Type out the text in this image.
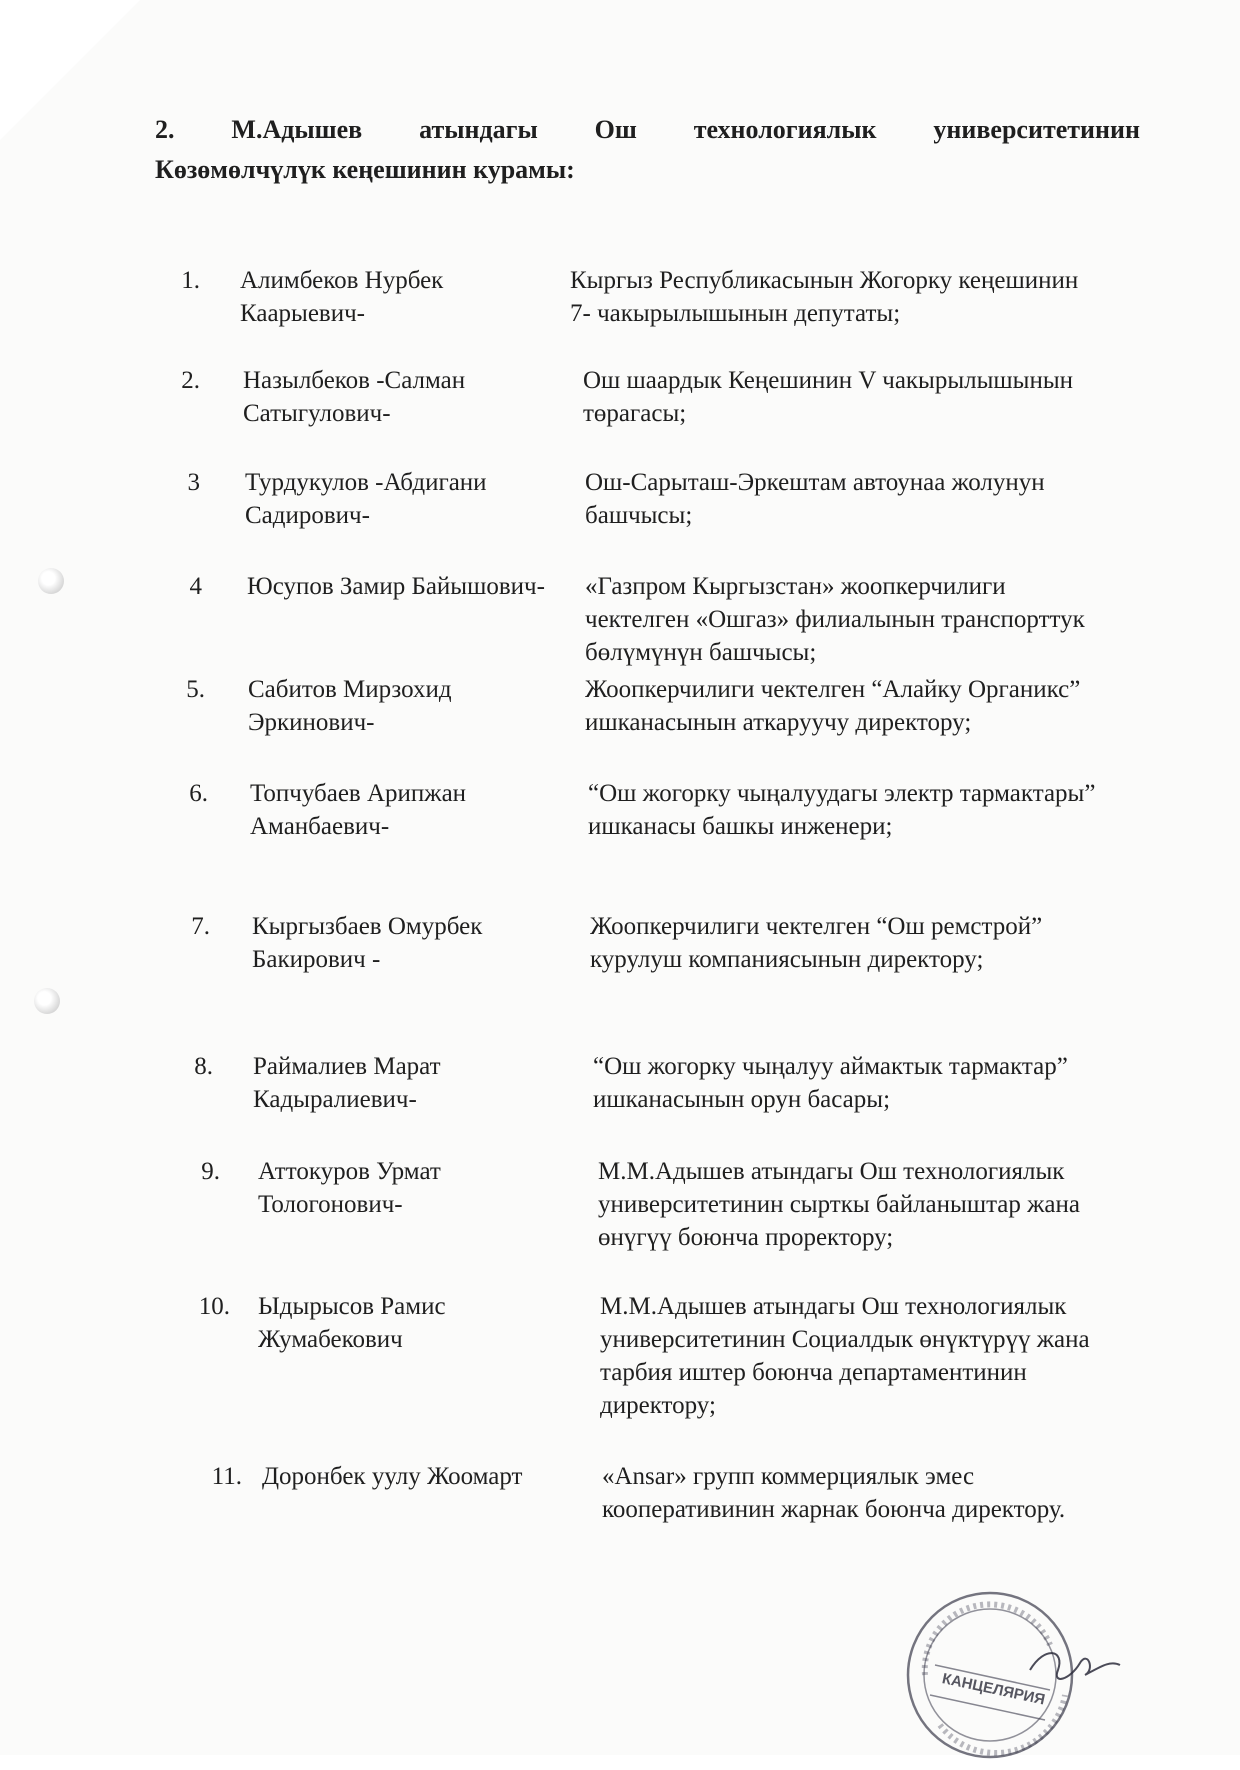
2. М.Адышев атындагы Ош технологиялык университетинин
Көзөмөлчүлүк кеңешинин курамы:
1. Алимбеков Нурбек Каарыевич-
Кыргыз Республикасынын Жогорку кеңешинин 7- чакырылышынын депутаты;
2. Назылбеков -Салман Сатыгулович-
Ош шаардык Кеңешинин V чакырылышынын төрагасы;
3 Турдукулов -Абдигани Садирович-
Ош-Сарыташ-Эркештам автоунаа жолунун башчысы;
4 Юсупов Замир Байышович-	«Газпром Кыргызстан» жоопкерчилиги чектелген «Ошгаз» филиалынын транспорттук бөлүмүнүн башчысы;
5. Сабитов Мирзохид Эркинович-
Жоопкерчилиги чектелген “Алайку Органикс” ишканасынын аткаруучу директору;
6. Топчубаев Арипжан Аманбаевич-
“Ош жогорку чыңалуудагы электр тармактары” ишканасы башкы инженери;
7. Кыргызбаев Омурбек Бакирович -
Жоопкерчилиги чектелген “Ош ремстрой” курулуш компаниясынын директору;
8. Раймалиев Марат Кадыралиевич-
“Ош жогорку чыңалуу аймактык тармактар” ишканасынын орун басары;
9. Аттокуров Урмат Тологонович-
М.М.Адышев атындагы Ош технологиялык университетинин сырткы байланыштар жана өнүгүү боюнча проректору;
10. Ыдырысов Рамис Жумабекович
М.М.Адышев атындагы Ош технологиялык университетинин Социалдык өнүктүрүү жана тарбия иштер боюнча департаментинин директору;
11. Доронбек уулу Жоомарт	«Ansar» групп коммерциялык эмес кооперативинин жарнак боюнча директору.
КАНЦЕЛЯРИЯ
